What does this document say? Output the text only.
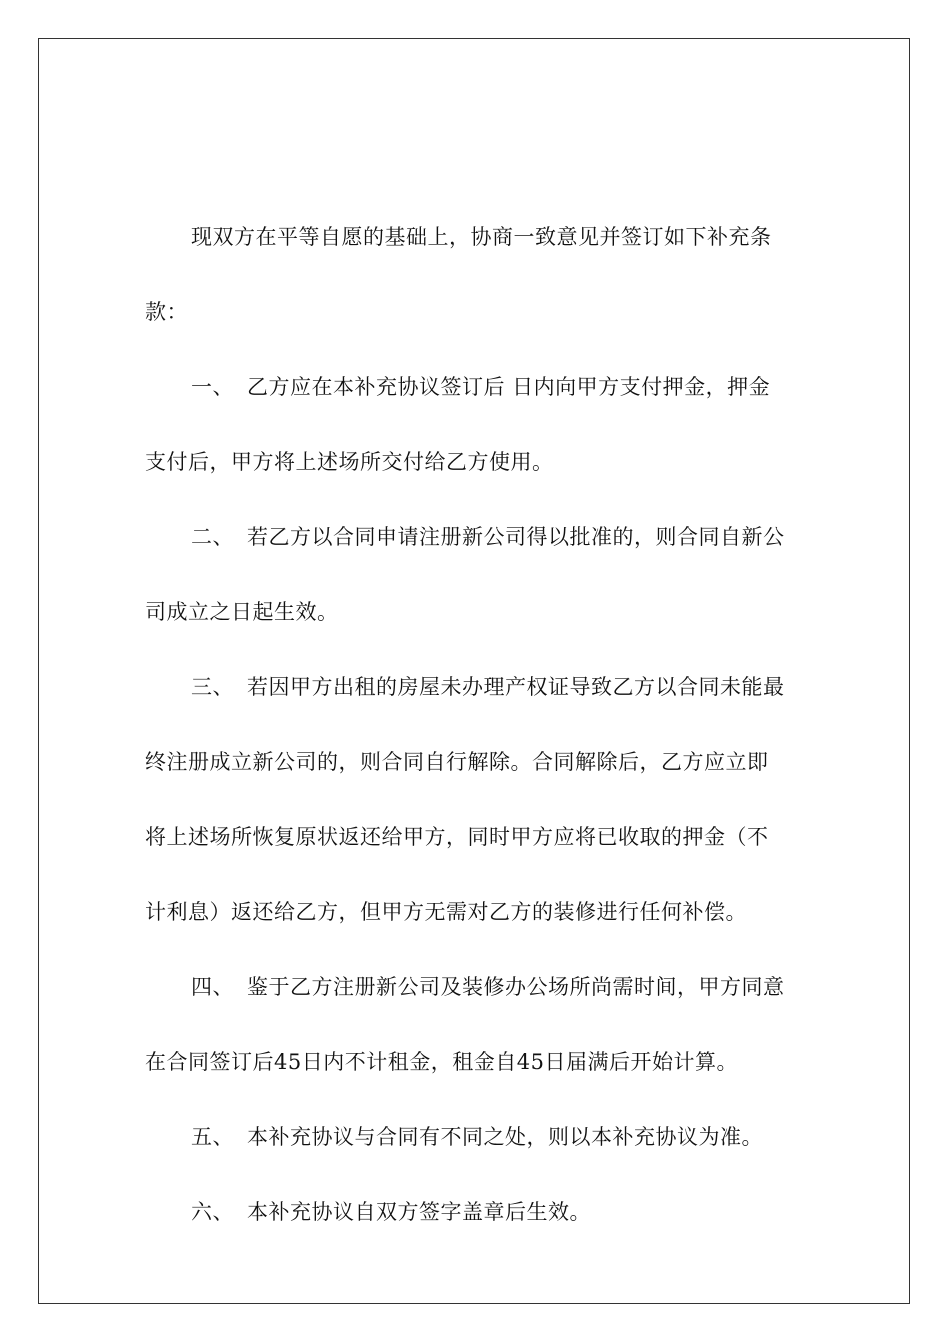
现双方在平等自愿的基础上，协商一致意见并签订如下补充条
款：
一、 乙方应在本补充协议签订后 日内向甲方支付押金，押金
支付后，甲方将上述场所交付给乙方使用。
二、 若乙方以合同申请注册新公司得以批准的，则合同自新公
司成立之日起生效。
三、 若因甲方出租的房屋未办理产权证导致乙方以合同未能最
终注册成立新公司的，则合同自行解除。合同解除后，乙方应立即
将上述场所恢复原状返还给甲方，同时甲方应将已收取的押金（不
计利息）返还给乙方，但甲方无需对乙方的装修进行任何补偿。
四、 鉴于乙方注册新公司及装修办公场所尚需时间，甲方同意
在合同签订后45日内不计租金，租金自45日届满后开始计算。
五、 本补充协议与合同有不同之处，则以本补充协议为准。
六、 本补充协议自双方签字盖章后生效。
